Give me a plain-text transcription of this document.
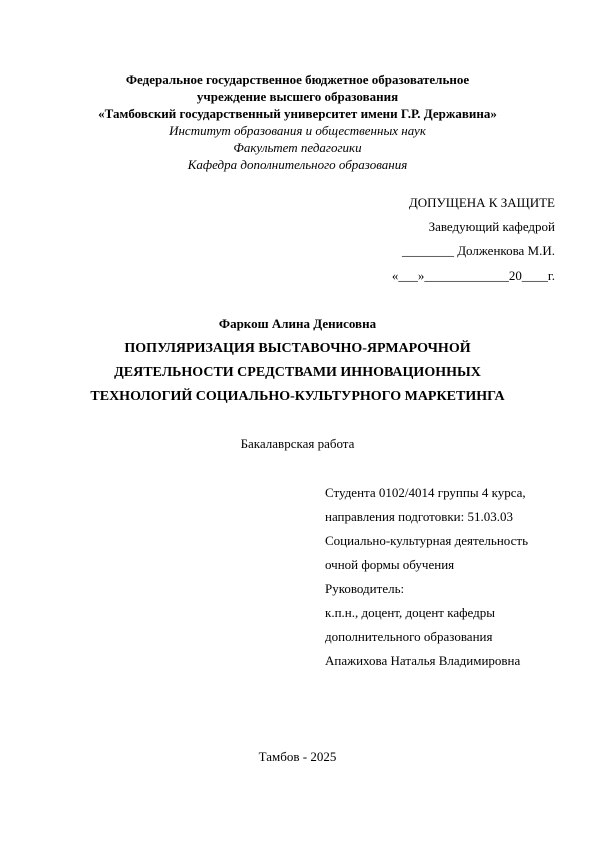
Федеральное государственное бюджетное образовательное
учреждение высшего образования
«Тамбовский государственный университет имени Г.Р. Державина»
Институт образования и общественных наук
Факультет педагогики
Кафедра дополнительного образования
ДОПУЩЕНА К ЗАЩИТЕ
Заведующий кафедрой
________ Долженкова М.И.
«___»_____________20____г.
Фаркош Алина Денисовна
ПОПУЛЯРИЗАЦИЯ ВЫСТАВОЧНО-ЯРМАРОЧНОЙ
ДЕЯТЕЛЬНОСТИ СРЕДСТВАМИ ИННОВАЦИОННЫХ
ТЕХНОЛОГИЙ СОЦИАЛЬНО-КУЛЬТУРНОГО МАРКЕТИНГА
Бакалаврская работа
Студента 0102/4014 группы 4 курса,
направления подготовки: 51.03.03
Социально-культурная деятельность
очной формы обучения
Руководитель:
к.п.н., доцент, доцент кафедры
дополнительного образования
Апажихова Наталья Владимировна
Тамбов - 2025
